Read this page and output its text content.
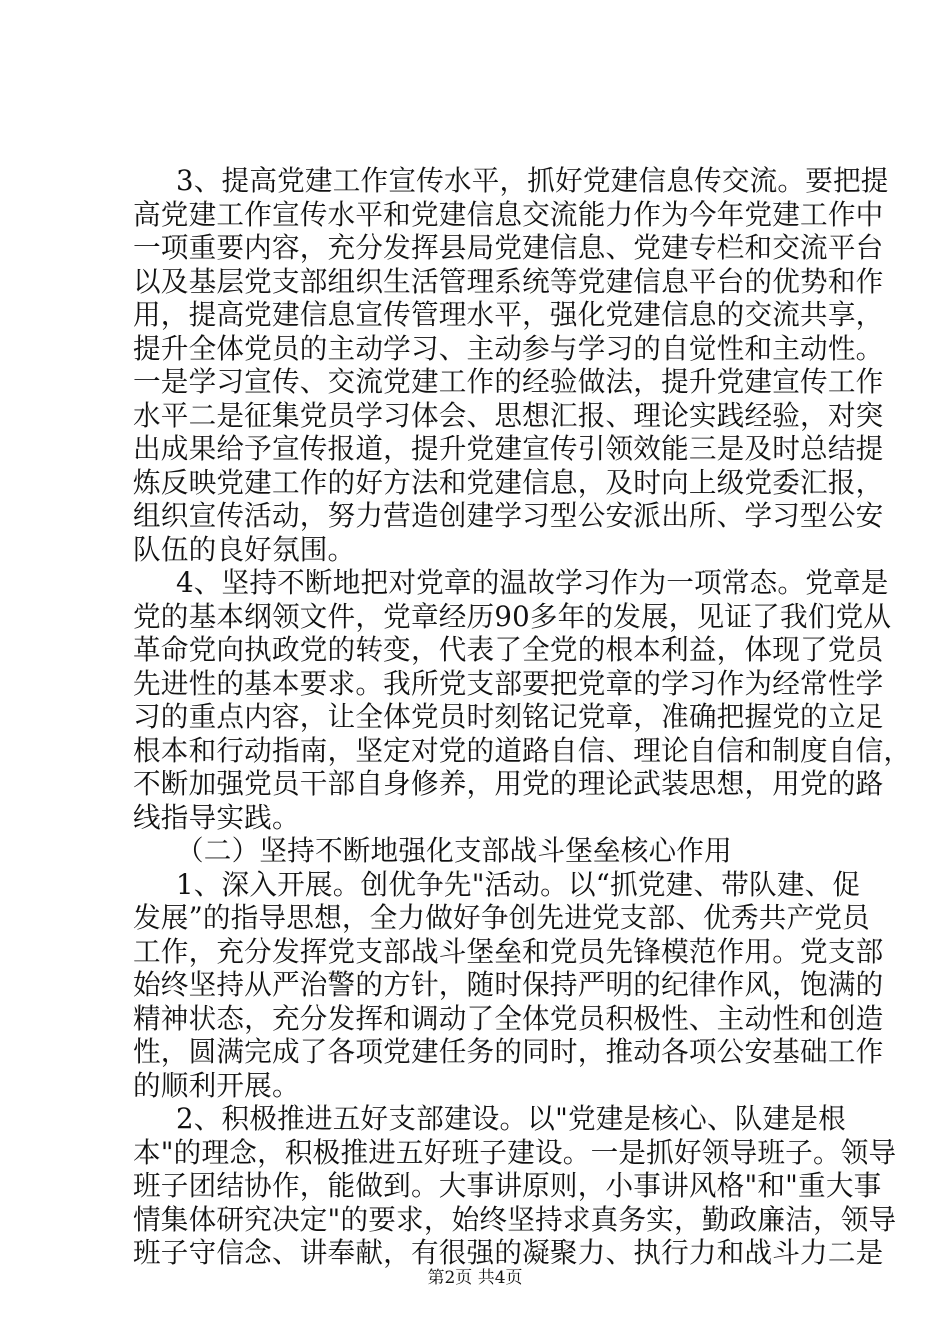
3、提高党建工作宣传水平，抓好党建信息传交流。要把提
高党建工作宣传水平和党建信息交流能力作为今年党建工作中
一项重要内容，充分发挥县局党建信息、党建专栏和交流平台
以及基层党支部组织生活管理系统等党建信息平台的优势和作
用，提高党建信息宣传管理水平，强化党建信息的交流共享，
提升全体党员的主动学习、主动参与学习的自觉性和主动性。
一是学习宣传、交流党建工作的经验做法，提升党建宣传工作
水平二是征集党员学习体会、思想汇报、理论实践经验，对突
出成果给予宣传报道，提升党建宣传引领效能三是及时总结提
炼反映党建工作的好方法和党建信息，及时向上级党委汇报，
组织宣传活动，努力营造创建学习型公安派出所、学习型公安
队伍的良好氛围。
4、坚持不断地把对党章的温故学习作为一项常态。党章是
党的基本纲领文件，党章经历90多年的发展，见证了我们党从
革命党向执政党的转变，代表了全党的根本利益，体现了党员
先进性的基本要求。我所党支部要把党章的学习作为经常性学
习的重点内容，让全体党员时刻铭记党章，准确把握党的立足
根本和行动指南，坚定对党的道路自信、理论自信和制度自信，
不断加强党员干部自身修养，用党的理论武装思想，用党的路
线指导实践。
（二）坚持不断地强化支部战斗堡垒核心作用
1、深入开展。创优争先"活动。以“抓党建、带队建、促
发展”的指导思想，全力做好争创先进党支部、优秀共产党员
工作，充分发挥党支部战斗堡垒和党员先锋模范作用。党支部
始终坚持从严治警的方针，随时保持严明的纪律作风，饱满的
精神状态，充分发挥和调动了全体党员积极性、主动性和创造
性，圆满完成了各项党建任务的同时，推动各项公安基础工作
的顺利开展。
2、积极推进五好支部建设。以"党建是核心、队建是根
本"的理念，积极推进五好班子建设。一是抓好领导班子。领导
班子团结协作，能做到。大事讲原则，小事讲风格"和"重大事
情集体研究决定"的要求，始终坚持求真务实，勤政廉洁，领导
班子守信念、讲奉献，有很强的凝聚力、执行力和战斗力二是
第2页 共4页
